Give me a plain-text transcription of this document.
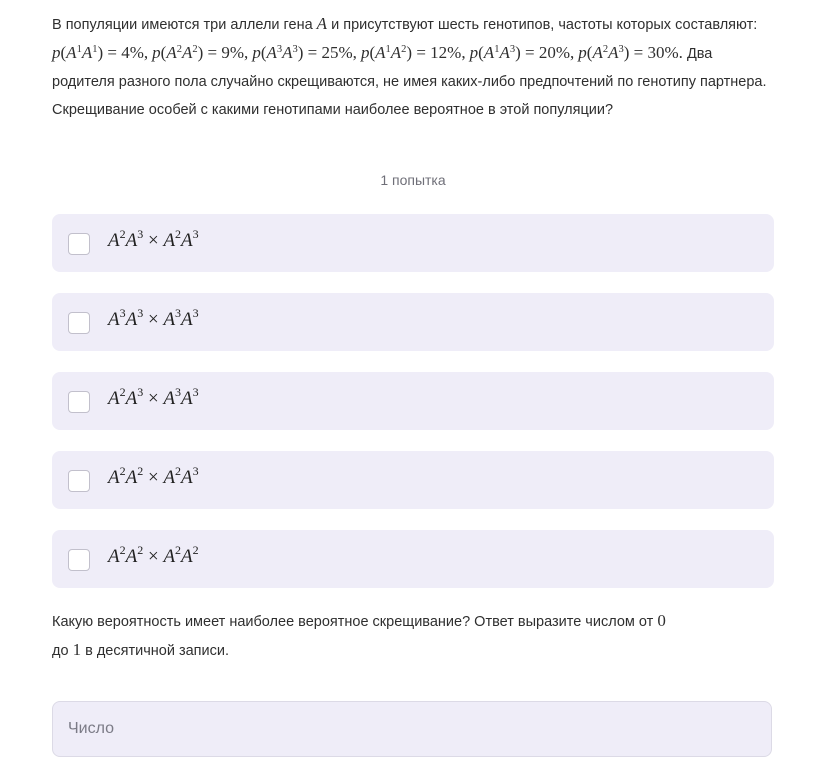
В популяции имеются три аллели гена A и присутствуют шесть генотипов, частоты которых составляют: $p(A^1A^1) = 4\%$, $p(A^2A^2) = 9\%$, $p(A^3A^3) = 25\%$, $p(A^1A^2) = 12\%$, $p(A^1A^3) = 20\%$, $p(A^2A^3) = 30\%$. Два родителя разного пола случайно скрещиваются, не имея каких-либо предпочтений по генотипу партнера. Скрещивание особей с какими генотипами наиболее вероятное в этой популяции?
1 попытка
$A^2A^3 \times A^2A^3$
$A^3A^3 \times A^3A^3$
$A^2A^3 \times A^3A^3$
$A^2A^2 \times A^2A^3$
$A^2A^2 \times A^2A^2$
Какую вероятность имеет наиболее вероятное скрещивание? Ответ выразите числом от 0
до 1 в десятичной записи.
Число
